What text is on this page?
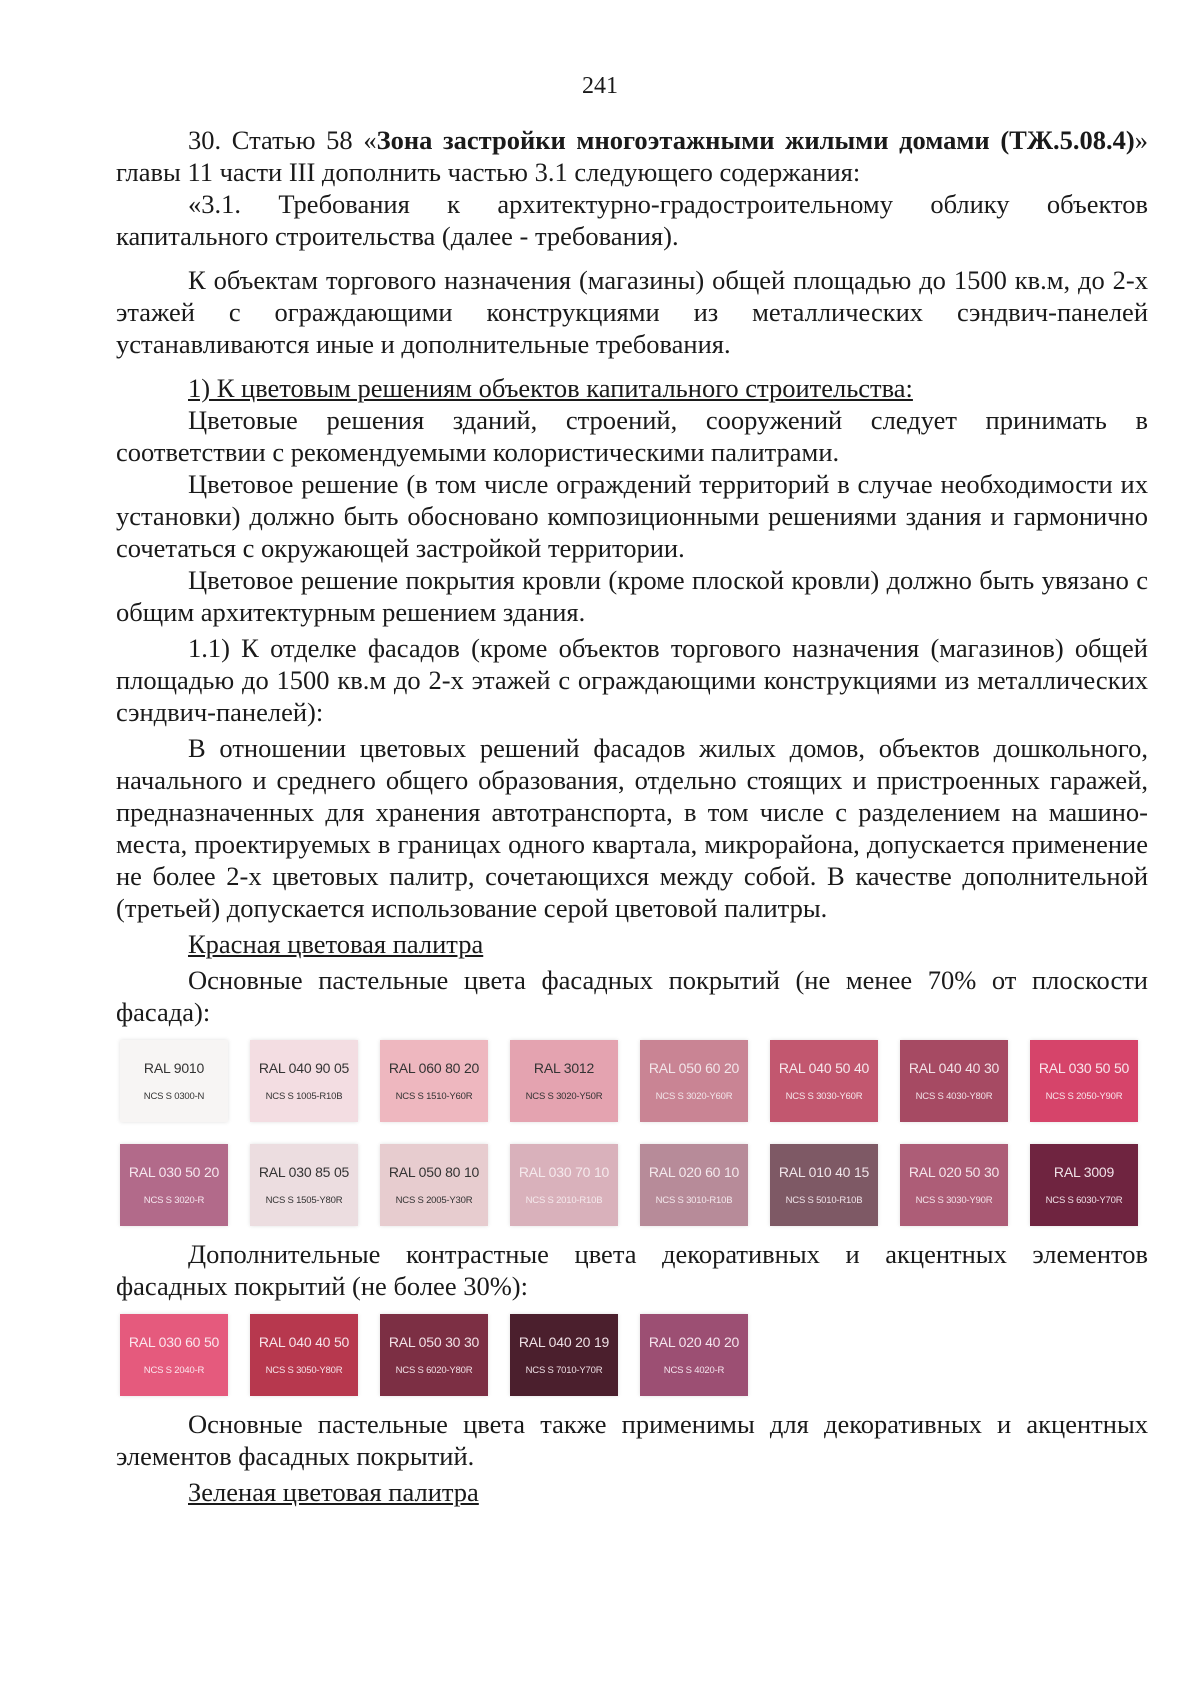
241

30. Статью 58 «Зона застройки многоэтажными жилыми домами (ТЖ.5.08.4)» главы 11 части III дополнить частью 3.1 следующего содержания:

«3.1. Требования к архитектурно-градостроительному облику объектов капитального строительства (далее - требования).

К объектам торгового назначения (магазины) общей площадью до 1500 кв.м, до 2-х этажей с ограждающими конструкциями из металлических сэндвич-панелей устанавливаются иные и дополнительные требования.

1) К цветовым решениям объектов капитального строительства:

Цветовые решения зданий, строений, сооружений следует принимать в соответствии с рекомендуемыми колористическими палитрами.

Цветовое решение (в том числе ограждений территорий в случае необходимости их установки) должно быть обосновано композиционными решениями здания и гармонично сочетаться с окружающей застройкой территории.

Цветовое решение покрытия кровли (кроме плоской кровли) должно быть увязано с общим архитектурным решением здания.

1.1) К отделке фасадов (кроме объектов торгового назначения (магазинов) общей площадью до 1500 кв.м до 2-х этажей с ограждающими конструкциями из металлических сэндвич-панелей):

В отношении цветовых решений фасадов жилых домов, объектов дошкольного, начального и среднего общего образования, отдельно стоящих и пристроенных гаражей, предназначенных для хранения автотранспорта, в том числе с разделением на машино-места, проектируемых в границах одного квартала, микрорайона, допускается применение не более 2-х цветовых палитр, сочетающихся между собой. В качестве дополнительной (третьей) допускается использование серой цветовой палитры.

Красная цветовая палитра

Основные пастельные цвета фасадных покрытий (не менее 70% от плоскости фасада):

RAL 9010
NCS S 0300-N
RAL 040 90 05
NCS S 1005-R10B
RAL 060 80 20
NCS S 1510-Y60R
RAL 3012
NCS S 3020-Y50R
RAL 050 60 20
NCS S 3020-Y60R
RAL 040 50 40
NCS S 3030-Y60R
RAL 040 40 30
NCS S 4030-Y80R
RAL 030 50 50
NCS S 2050-Y90R
RAL 030 50 20
NCS S 3020-R
RAL 030 85 05
NCS S 1505-Y80R
RAL 050 80 10
NCS S 2005-Y30R
RAL 030 70 10
NCS S 2010-R10B
RAL 020 60 10
NCS S 3010-R10B
RAL 010 40 15
NCS S 5010-R10B
RAL 020 50 30
NCS S 3030-Y90R
RAL 3009
NCS S 6030-Y70R

Дополнительные контрастные цвета декоративных и акцентных элементов фасадных покрытий (не более 30%):

RAL 030 60 50
NCS S 2040-R
RAL 040 40 50
NCS S 3050-Y80R
RAL 050 30 30
NCS S 6020-Y80R
RAL 040 20 19
NCS S 7010-Y70R
RAL 020 40 20
NCS S 4020-R

Основные пастельные цвета также применимы для декоративных и акцентных элементов фасадных покрытий.

Зеленая цветовая палитра
